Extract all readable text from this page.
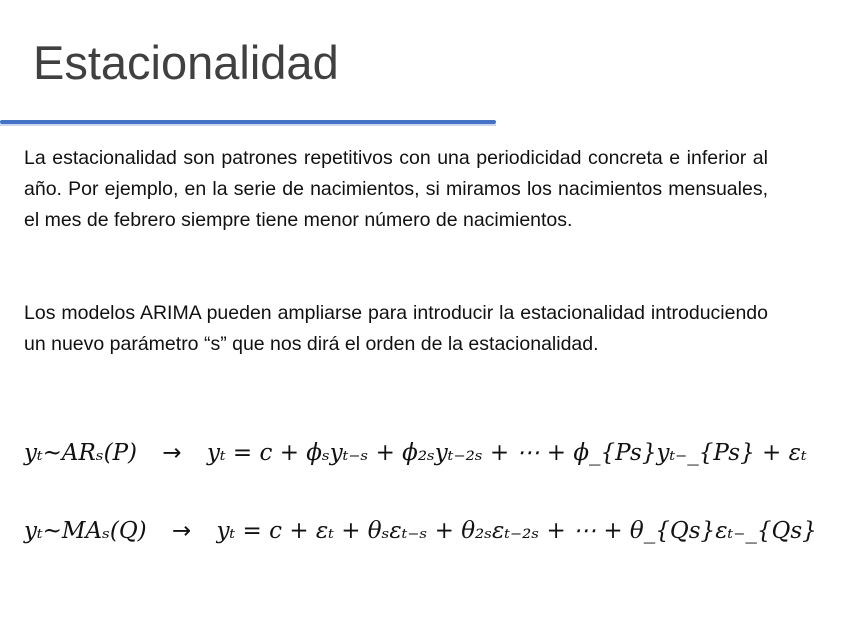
Estacionalidad
La estacionalidad son patrones repetitivos con una periodicidad concreta e inferior al año. Por ejemplo, en la serie de nacimientos, si miramos los nacimientos mensuales, el mes de febrero siempre tiene menor número de nacimientos.
Los modelos ARIMA pueden ampliarse para introducir la estacionalidad introduciendo un nuevo parámetro “s” que nos dirá el orden de la estacionalidad.
yₜ~ARₛ(P) → yₜ = c + ϕₛyₜ₋ₛ + ϕ₂ₛyₜ₋₂ₛ + ⋯ + ϕ_{Ps}yₜ₋_{Ps} + εₜ
yₜ~MAₛ(Q) → yₜ = c + εₜ + θₛεₜ₋ₛ + θ₂ₛεₜ₋₂ₛ + ⋯ + θ_{Qs}εₜ₋_{Qs}
